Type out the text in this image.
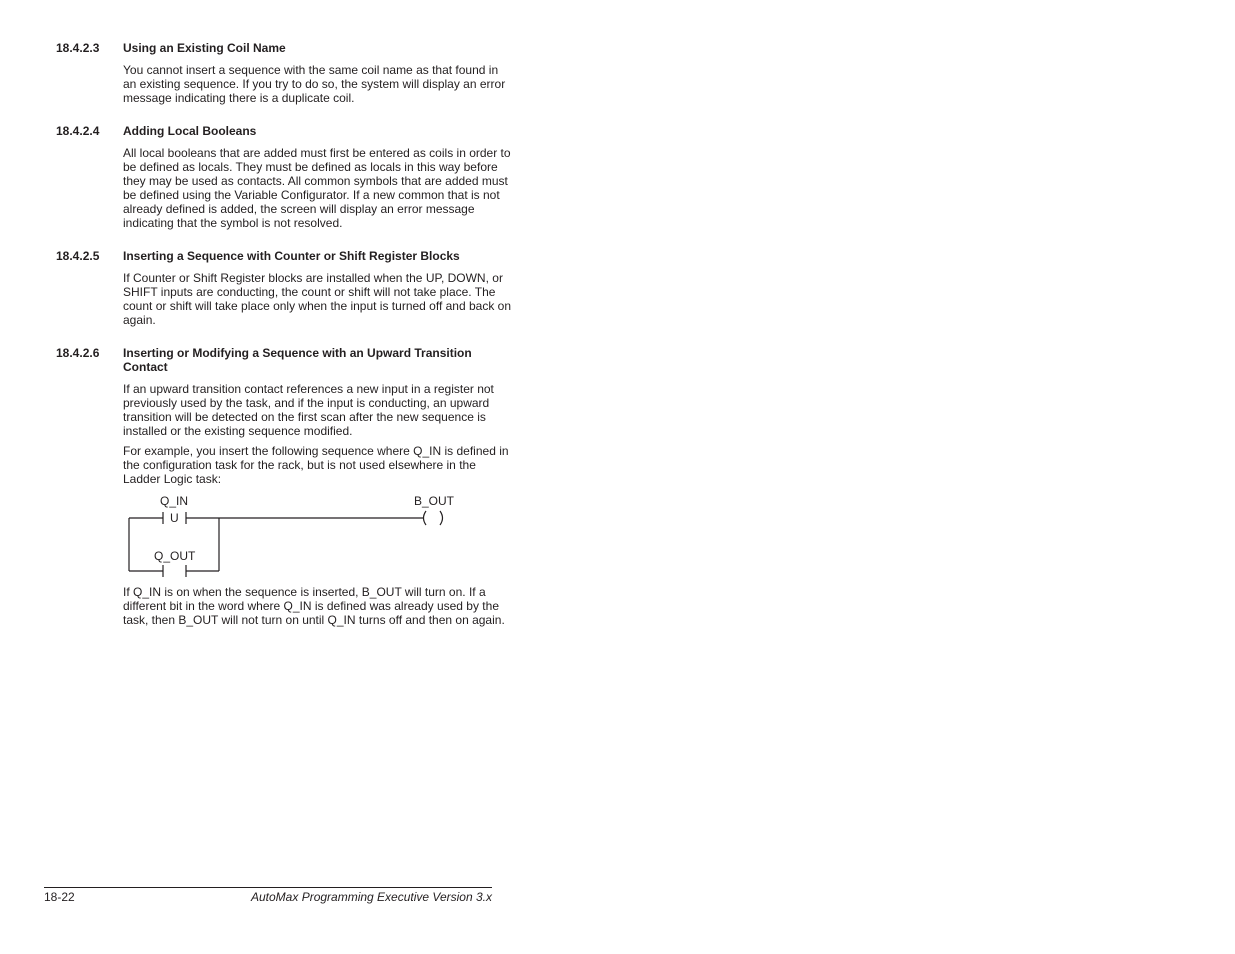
18.4.2.3 Using an Existing Coil Name

You cannot insert a sequence with the same coil name as that found in an existing sequence. If you try to do so, the system will display an error message indicating there is a duplicate coil.

18.4.2.4 Adding Local Booleans

All local booleans that are added must first be entered as coils in order to be defined as locals. They must be defined as locals in this way before they may be used as contacts. All common symbols that are added must be defined using the Variable Configurator. If a new common that is not already defined is added, the screen will display an error message indicating that the symbol is not resolved.

18.4.2.5 Inserting a Sequence with Counter or Shift Register Blocks

If Counter or Shift Register blocks are installed when the UP, DOWN, or SHIFT inputs are conducting, the count or shift will not take place. The count or shift will take place only when the input is turned off and back on again.

18.4.2.6 Inserting or Modifying a Sequence with an Upward Transition Contact

If an upward transition contact references a new input in a register not previously used by the task, and if the input is conducting, an upward transition will be detected on the first scan after the new sequence is installed or the existing sequence modified.

For example, you insert the following sequence where Q_IN is defined in the configuration task for the rack, but is not used elsewhere in the Ladder Logic task:

Q_IN
U
Q_OUT
B_OUT

If Q_IN is on when the sequence is inserted, B_OUT will turn on. If a different bit in the word where Q_IN is defined was already used by the task, then B_OUT will not turn on until Q_IN turns off and then on again.

18-22	AutoMax Programming Executive Version 3.x
